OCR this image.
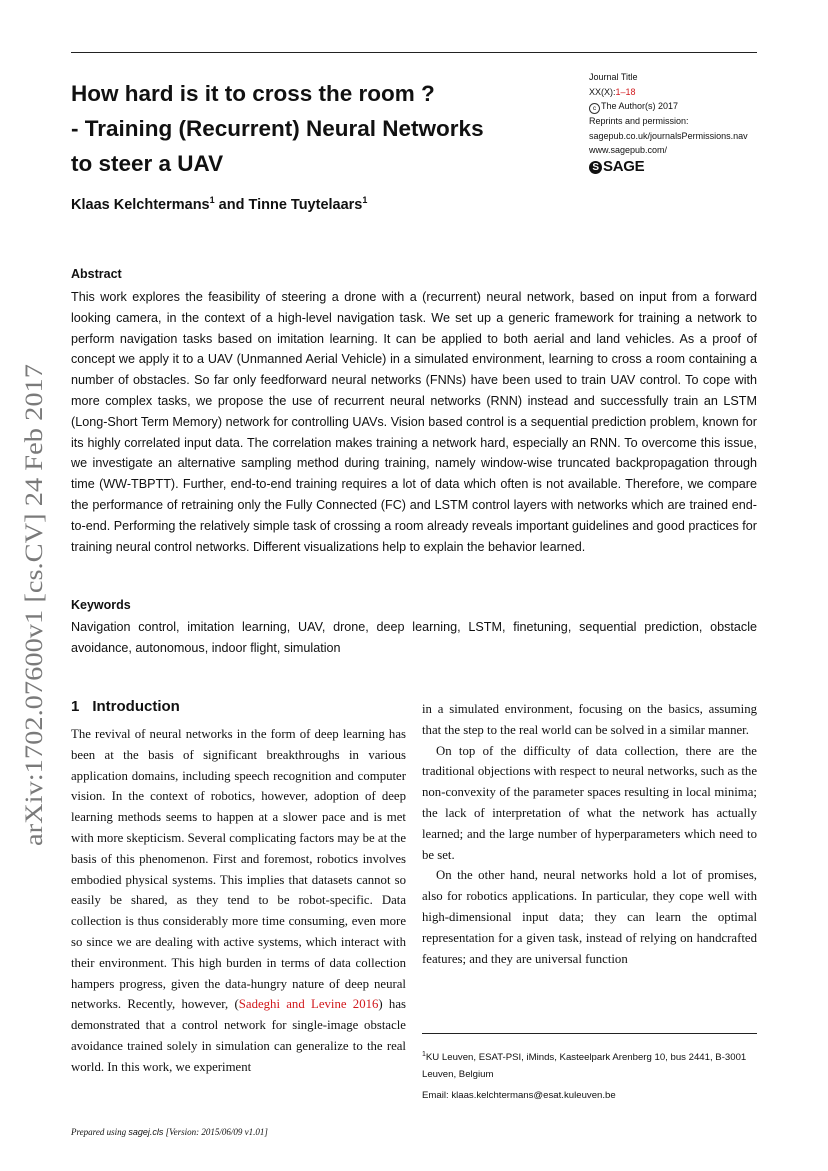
How hard is it to cross the room ?
- Training (Recurrent) Neural Networks
to steer a UAV
Journal Title
XX(X):1–18
c The Author(s) 2017
Reprints and permission:
sagepub.co.uk/journalsPermissions.nav
www.sagepub.com/
S SAGE
Klaas Kelchtermans$^1$ and Tinne Tuytelaars$^1$
Abstract
This work explores the feasibility of steering a drone with a (recurrent) neural network, based on input from a forward looking camera, in the context of a high-level navigation task. We set up a generic framework for training a network to perform navigation tasks based on imitation learning. It can be applied to both aerial and land vehicles. As a proof of concept we apply it to a UAV (Unmanned Aerial Vehicle) in a simulated environment, learning to cross a room containing a number of obstacles. So far only feedforward neural networks (FNNs) have been used to train UAV control. To cope with more complex tasks, we propose the use of recurrent neural networks (RNN) instead and successfully train an LSTM (Long-Short Term Memory) network for controlling UAVs. Vision based control is a sequential prediction problem, known for its highly correlated input data. The correlation makes training a network hard, especially an RNN. To overcome this issue, we investigate an alternative sampling method during training, namely window-wise truncated backpropagation through time (WW-TBPTT). Further, end-to-end training requires a lot of data which often is not available. Therefore, we compare the performance of retraining only the Fully Connected (FC) and LSTM control layers with networks which are trained end-to-end. Performing the relatively simple task of crossing a room already reveals important guidelines and good practices for training neural control networks. Different visualizations help to explain the behavior learned.
Keywords
Navigation control, imitation learning, UAV, drone, deep learning, LSTM, finetuning, sequential prediction, obstacle avoidance, autonomous, indoor flight, simulation
arXiv:1702.07600v1 [cs.CV] 24 Feb 2017 1 Introduction

The revival of neural networks in the form of deep learning has been at the basis of significant breakthroughs in various application domains, including speech recognition and computer vision. In the context of robotics, however, adoption of deep learning methods seems to happen at a slower pace and is met with more skepticism. Several complicating factors may be at the basis of this phenomenon. First and foremost, robotics involves embodied physical systems. This implies that datasets cannot so easily be shared, as they tend to be robot-specific. Data collection is thus considerably more time consuming, even more so since we are dealing with active systems, which interact with their environment. This high burden in terms of data collection hampers progress, given the data-hungry nature of deep neural networks. Recently, however, (Sadeghi and Levine 2016) has demonstrated that a control network for single-image obstacle avoidance trained solely in simulation can generalize to the real world. In this work, we experiment

in a simulated environment, focusing on the basics, assuming that the step to the real world can be solved in a similar manner.

On top of the difficulty of data collection, there are the traditional objections with respect to neural networks, such as the non-convexity of the parameter spaces resulting in local minima; the lack of interpretation of what the network has actually learned; and the large number of hyperparameters which need to be set.

On the other hand, neural networks hold a lot of promises, also for robotics applications. In particular, they cope well with high-dimensional input data; they can learn the optimal representation for a given task, instead of relying on handcrafted features; and they are universal function

$^1$KU Leuven, ESAT-PSI, iMinds, Kasteelpark Arenberg 10, bus 2441, B-3001 Leuven, Belgium
Email: klaas.kelchtermans@esat.kuleuven.be
Prepared using sagej.cls [Version: 2015/06/09 v1.01]
